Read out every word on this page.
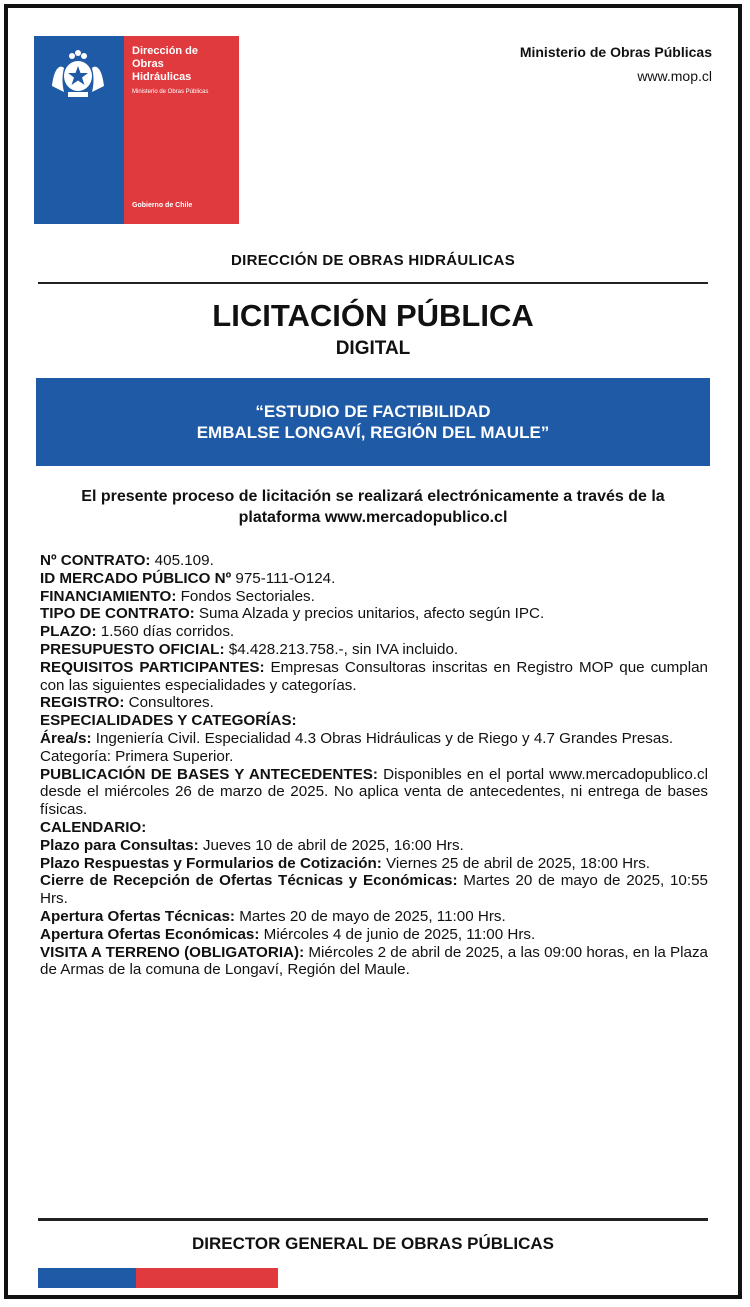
Dirección de
Obras
Hidráulicas
Ministerio de Obras Públicas
Gobierno de Chile
Ministerio de Obras Públicas
www.mop.cl
DIRECCIÓN DE OBRAS HIDRÁULICAS
LICITACIÓN PÚBLICA
DIGITAL
“ESTUDIO DE FACTIBILIDAD
EMBALSE LONGAVÍ, REGIÓN DEL MAULE”
El presente proceso de licitación se realizará electrónicamente a través de la plataforma www.mercadopublico.cl

Nº CONTRATO: 405.109.

ID MERCADO PÚBLICO Nº 975-111-O124.

FINANCIAMIENTO: Fondos Sectoriales.

TIPO DE CONTRATO: Suma Alzada y precios unitarios, afecto según IPC.

PLAZO: 1.560 días corridos.

PRESUPUESTO OFICIAL: $4.428.213.758.-, sin IVA incluido.

REQUISITOS PARTICIPANTES: Empresas Consultoras inscritas en Registro MOP que cumplan con las siguientes especialidades y categorías.

REGISTRO: Consultores.

ESPECIALIDADES Y CATEGORÍAS:

Área/s: Ingeniería Civil. Especialidad 4.3 Obras Hidráulicas y de Riego y 4.7 Grandes Presas.

Categoría: Primera Superior.

PUBLICACIÓN DE BASES Y ANTECEDENTES: Disponibles en el portal www.mercadopublico.cl desde el miércoles 26 de marzo de 2025. No aplica venta de antecedentes, ni entrega de bases físicas.

CALENDARIO:

Plazo para Consultas: Jueves 10 de abril de 2025, 16:00 Hrs.

Plazo Respuestas y Formularios de Cotización: Viernes 25 de abril de 2025, 18:00 Hrs.

Cierre de Recepción de Ofertas Técnicas y Económicas: Martes 20 de mayo de 2025, 10:55 Hrs.

Apertura Ofertas Técnicas: Martes 20 de mayo de 2025, 11:00 Hrs.

Apertura Ofertas Económicas: Miércoles 4 de junio de 2025, 11:00 Hrs.

VISITA A TERRENO (OBLIGATORIA): Miércoles 2 de abril de 2025, a las 09:00 horas, en la Plaza de Armas de la comuna de Longaví, Región del Maule.

DIRECTOR GENERAL DE OBRAS PÚBLICAS
